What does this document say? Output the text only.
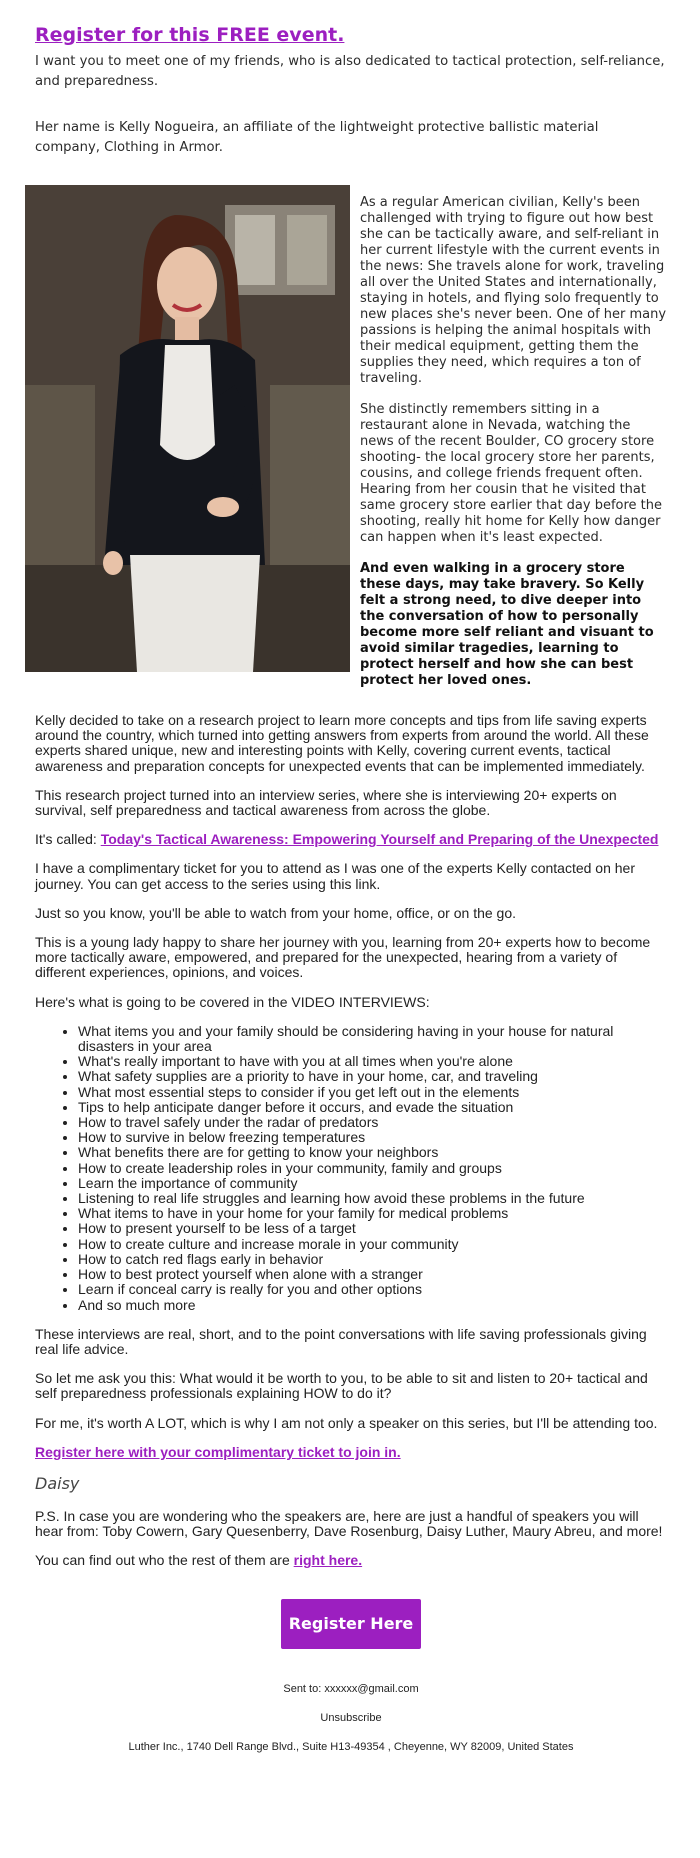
Register for this FREE event.

I want you to meet one of my friends, who is also dedicated to tactical protection, self-reliance, and preparedness.

Her name is Kelly Nogueira, an affiliate of the lightweight protective ballistic material company, Clothing in Armor.

As a regular American civilian, Kelly's been challenged with trying to figure out how best she can be tactically aware, and self-reliant in her current lifestyle with the current events in the news: She travels alone for work, traveling all over the United States and internationally, staying in hotels, and flying solo frequently to new places she's never been. One of her many passions is helping the animal hospitals with their medical equipment, getting them the supplies they need, which requires a ton of traveling.

She distinctly remembers sitting in a restaurant alone in Nevada, watching the news of the recent Boulder, CO grocery store shooting- the local grocery store her parents, cousins, and college friends frequent often. Hearing from her cousin that he visited that same grocery store earlier that day before the shooting, really hit home for Kelly how danger can happen when it's least expected.

And even walking in a grocery store these days, may take bravery. So Kelly felt a strong need, to dive deeper into the conversation of how to personally become more self reliant and visuant to avoid similar tragedies, learning to protect herself and how she can best protect her loved ones.

Kelly decided to take on a research project to learn more concepts and tips from life saving experts around the country, which turned into getting answers from experts from around the world. All these experts shared unique, new and interesting points with Kelly, covering current events, tactical awareness and preparation concepts for unexpected events that can be implemented immediately.

This research project turned into an interview series, where she is interviewing 20+ experts on survival, self preparedness and tactical awareness from across the globe.

It's called: Today's Tactical Awareness: Empowering Yourself and Preparing of the Unexpected

I have a complimentary ticket for you to attend as I was one of the experts Kelly contacted on her journey. You can get access to the series using this link.

Just so you know, you'll be able to watch from your home, office, or on the go.

This is a young lady happy to share her journey with you, learning from 20+ experts how to become more tactically aware, empowered, and prepared for the unexpected, hearing from a variety of different experiences, opinions, and voices.

Here's what is going to be covered in the VIDEO INTERVIEWS:

• What items you and your family should be considering having in your house for natural disasters in your area
• What's really important to have with you at all times when you're alone
• What safety supplies are a priority to have in your home, car, and traveling
• What most essential steps to consider if you get left out in the elements
• Tips to help anticipate danger before it occurs, and evade the situation
• How to travel safely under the radar of predators
• How to survive in below freezing temperatures
• What benefits there are for getting to know your neighbors
• How to create leadership roles in your community, family and groups
• Learn the importance of community
• Listening to real life struggles and learning how avoid these problems in the future
• What items to have in your home for your family for medical problems
• How to present yourself to be less of a target
• How to create culture and increase morale in your community
• How to catch red flags early in behavior
• How to best protect yourself when alone with a stranger
• Learn if conceal carry is really for you and other options
• And so much more

These interviews are real, short, and to the point conversations with life saving professionals giving real life advice.

So let me ask you this: What would it be worth to you, to be able to sit and listen to 20+ tactical and self preparedness professionals explaining HOW to do it?

For me, it's worth A LOT, which is why I am not only a speaker on this series, but I'll be attending too.

Register here with your complimentary ticket to join in.

Daisy

P.S. In case you are wondering who the speakers are, here are just a handful of speakers you will hear from: Toby Cowern, Gary Quesenberry, Dave Rosenburg, Daisy Luther, Maury Abreu, and more!

You can find out who the rest of them are right here.

Register Here
Sent to: xxxxxx@gmail.com
Unsubscribe
Luther Inc., 1740 Dell Range Blvd., Suite H13-49354 , Cheyenne, WY 82009, United States
